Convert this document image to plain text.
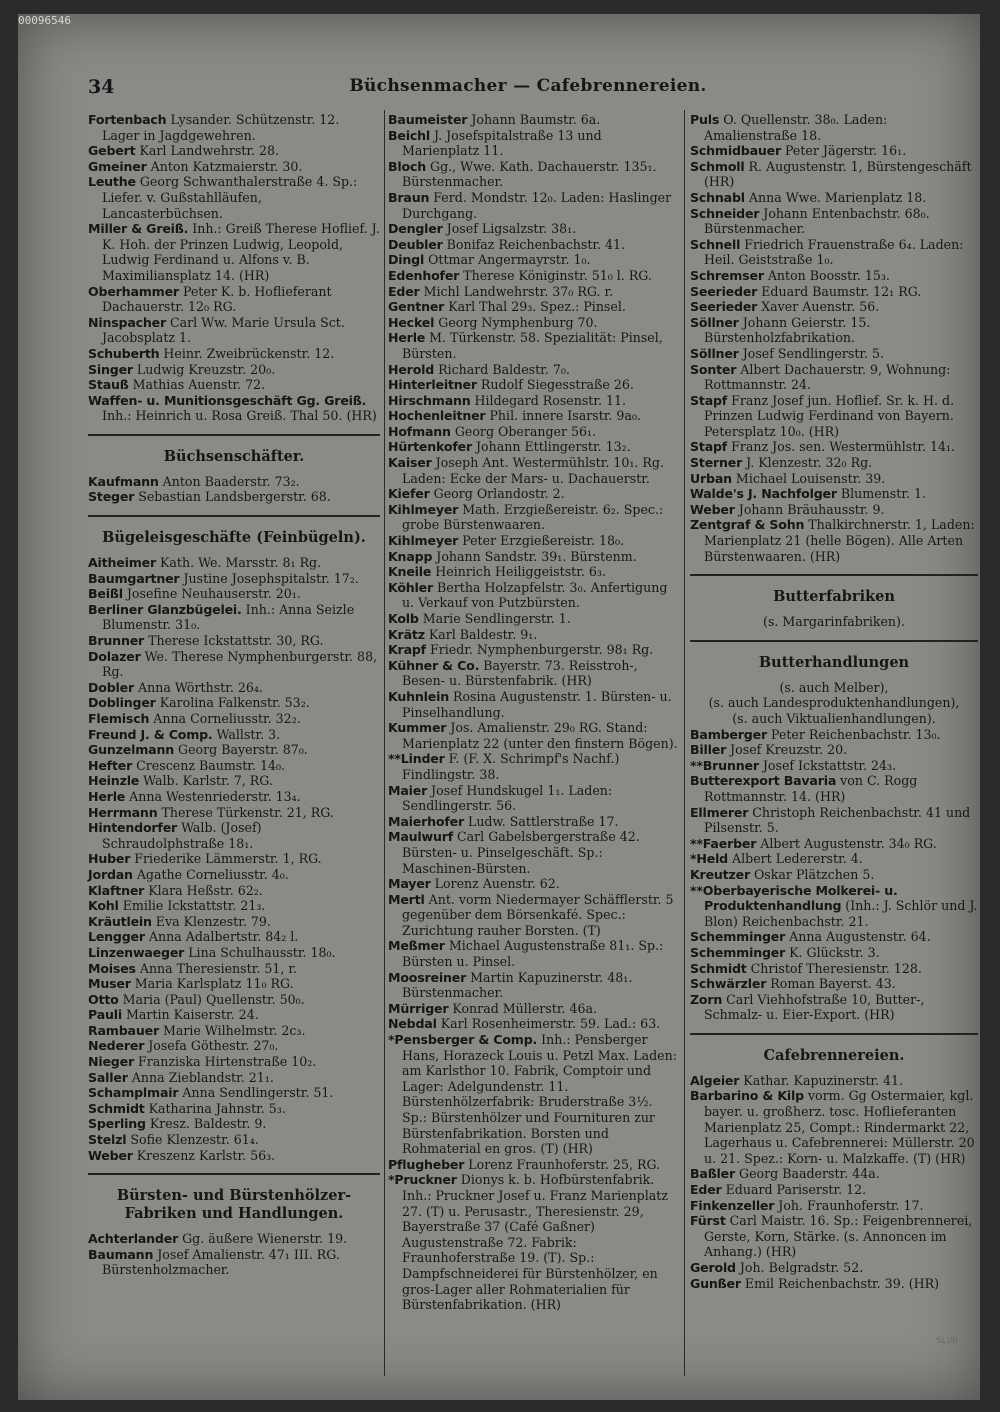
00096546
34	Büchsenmacher — Cafebrennereien.

Fortenbach Lysander. Schützenstr. 12. Lager in Jagdgewehren.

Gebert Karl Landwehrstr. 28.

Gmeiner Anton Katzmaierstr. 30.

Leuthe Georg Schwanthalerstraße 4. Sp.: Liefer. v. Gußstahlläufen, Lancasterbüchsen.

Miller & Greiß. Inh.: Greiß Therese Hoflief. J. K. Hoh. der Prinzen Ludwig, Leopold, Ludwig Ferdinand u. Alfons v. B. Maximiliansplatz 14. (HR)

Oberhammer Peter K. b. Hoflieferant Dachauerstr. 12₀ RG.

Ninspacher Carl Ww. Marie Ursula Sct. Jacobsplatz 1.

Schuberth Heinr. Zweibrückenstr. 12.

Singer Ludwig Kreuzstr. 20₀.

Stauß Mathias Auenstr. 72.

Waffen- u. Munitionsgeschäft Gg. Greiß. Inh.: Heinrich u. Rosa Greiß. Thal 50. (HR)

Büchsenschäfter.

Kaufmann Anton Baaderstr. 73₂.

Steger Sebastian Landsbergerstr. 68.

Bügeleisgeschäfte (Feinbügeln).

Aitheimer Kath. We. Marsstr. 8₁ Rg.

Baumgartner Justine Josephspitalstr. 17₂.

Beißl Josefine Neuhauserstr. 20₁.

Berliner Glanzbügelei. Inh.: Anna Seizle Blumenstr. 31₀.

Brunner Therese Ickstattstr. 30, RG.

Dolazer We. Therese Nymphenburgerstr. 88, Rg.

Dobler Anna Wörthstr. 26₄.

Doblinger Karolina Falkenstr. 53₂.

Flemisch Anna Corneliusstr. 32₂.

Freund J. & Comp. Wallstr. 3.

Gunzelmann Georg Bayerstr. 87₀.

Hefter Crescenz Baumstr. 14₀.

Heinzle Walb. Karlstr. 7, RG.

Herle Anna Westenriederstr. 13₄.

Herrmann Therese Türkenstr. 21, RG.

Hintendorfer Walb. (Josef) Schraudolphstraße 18₁.

Huber Friederike Lämmerstr. 1, RG.

Jordan Agathe Corneliusstr. 4₀.

Klaftner Klara Heßstr. 62₂.

Kohl Emilie Ickstattstr. 21₃.

Kräutlein Eva Klenzestr. 79.

Lengger Anna Adalbertstr. 84₂ l.

Linzenwaeger Lina Schulhausstr. 18₀.

Moises Anna Theresienstr. 51, r.

Muser Maria Karlsplatz 11₀ RG.

Otto Maria (Paul) Quellenstr. 50₀.

Pauli Martin Kaiserstr. 24.

Rambauer Marie Wilhelmstr. 2c₃.

Nederer Josefa Göthestr. 27₀.

Nieger Franziska Hirtenstraße 10₂.

Saller Anna Zieblandstr. 21₁.

Schamplmair Anna Sendlingerstr. 51.

Schmidt Katharina Jahnstr. 5₃.

Sperling Kresz. Baldestr. 9.

Stelzl Sofie Klenzestr. 61₄.

Weber Kreszenz Karlstr. 56₃.

Bürsten- und Bürstenhölzer-Fabriken und Handlungen.

Achterlander Gg. äußere Wienerstr. 19.

Baumann Josef Amalienstr. 47₁ III. RG. Bürstenholzmacher.

Baumeister Johann Baumstr. 6a.

Beichl J. Josefspitalstraße 13 und Marienplatz 11.

Bloch Gg., Wwe. Kath. Dachauerstr. 135₁. Bürstenmacher.

Braun Ferd. Mondstr. 12₀. Laden: Haslinger Durchgang.

Dengler Josef Ligsalzstr. 38₁.

Deubler Bonifaz Reichenbachstr. 41.

Dingl Ottmar Angermayrstr. 1₀.

Edenhofer Therese Königinstr. 51₀ l. RG.

Eder Michl Landwehrstr. 37₀ RG. r.

Gentner Karl Thal 29₃. Spez.: Pinsel.

Heckel Georg Nymphenburg 70.

Herle M. Türkenstr. 58. Spezialität: Pinsel, Bürsten.

Herold Richard Baldestr. 7₀.

Hinterleitner Rudolf Siegesstraße 26.

Hirschmann Hildegard Rosenstr. 11.

Hochenleitner Phil. innere Isarstr. 9a₀.

Hofmann Georg Oberanger 56₁.

Hürtenkofer Johann Ettlingerstr. 13₂.

Kaiser Joseph Ant. Westermühlstr. 10₁. Rg. Laden: Ecke der Mars- u. Dachauerstr.

Kiefer Georg Orlandostr. 2.

Kihlmeyer Math. Erzgießereistr. 6₂. Spec.: grobe Bürstenwaaren.

Kihlmeyer Peter Erzgießereistr. 18₀.

Knapp Johann Sandstr. 39₁. Bürstenm.

Kneile Heinrich Heiliggeiststr. 6₃.

Köhler Bertha Holzapfelstr. 3₀. Anfertigung u. Verkauf von Putzbürsten.

Kolb Marie Sendlingerstr. 1.

Krätz Karl Baldestr. 9₁.

Krapf Friedr. Nymphenburgerstr. 98₁ Rg.

Kühner & Co. Bayerstr. 73. Reisstroh-, Besen- u. Bürstenfabrik. (HR)

Kuhnlein Rosina Augustenstr. 1. Bürsten- u. Pinselhandlung.

Kummer Jos. Amalienstr. 29₀ RG. Stand: Marienplatz 22 (unter den finstern Bögen).

**Linder F. (F. X. Schrimpf's Nachf.) Findlingstr. 38.

Maier Josef Hundskugel 1₁. Laden: Sendlingerstr. 56.

Maierhofer Ludw. Sattlerstraße 17.

Maulwurf Carl Gabelsbergerstraße 42. Bürsten- u. Pinselgeschäft. Sp.: Maschinen-Bürsten.

Mayer Lorenz Auenstr. 62.

Mertl Ant. vorm Niedermayer Schäfflerstr. 5 gegenüber dem Börsenkafé. Spec.: Zurichtung rauher Borsten. (T)

Meßmer Michael Augustenstraße 81₁. Sp.: Bürsten u. Pinsel.

Moosreiner Martin Kapuzinerstr. 48₁. Bürstenmacher.

Mürriger Konrad Müllerstr. 46a.

Nebdal Karl Rosenheimerstr. 59. Lad.: 63.

*Pensberger & Comp. Inh.: Pensberger Hans, Horazeck Louis u. Petzl Max. Laden: am Karlsthor 10. Fabrik, Comptoir und Lager: Adelgundenstr. 11. Bürstenhölzerfabrik: Bruderstraße 3½. Sp.: Bürstenhölzer und Fournituren zur Bürstenfabrikation. Borsten und Rohmaterial en gros. (T) (HR)

Pflugheber Lorenz Fraunhoferstr. 25, RG.

*Pruckner Dionys k. b. Hofbürstenfabrik. Inh.: Pruckner Josef u. Franz Marienplatz 27. (T) u. Perusastr., Theresienstr. 29, Bayerstraße 37 (Café Gaßner) Augustenstraße 72. Fabrik: Fraunhoferstraße 19. (T). Sp.: Dampfschneiderei für Bürstenhölzer, en gros-Lager aller Rohmaterialien für Bürstenfabrikation. (HR)

Puls O. Quellenstr. 38₀. Laden: Amalienstraße 18.

Schmidbauer Peter Jägerstr. 16₁.

Schmoll R. Augustenstr. 1, Bürstengeschäft (HR)

Schnabl Anna Wwe. Marienplatz 18.

Schneider Johann Entenbachstr. 68₀. Bürstenmacher.

Schnell Friedrich Frauenstraße 6₄. Laden: Heil. Geiststraße 1₀.

Schremser Anton Boosstr. 15₃.

Seerieder Eduard Baumstr. 12₁ RG.

Seerieder Xaver Auenstr. 56.

Söllner Johann Geierstr. 15. Bürstenholzfabrikation.

Söllner Josef Sendlingerstr. 5.

Sonter Albert Dachauerstr. 9, Wohnung: Rottmannstr. 24.

Stapf Franz Josef jun. Hoflief. Sr. k. H. d. Prinzen Ludwig Ferdinand von Bayern. Petersplatz 10₀. (HR)

Stapf Franz Jos. sen. Westermühlstr. 14₁.

Sterner J. Klenzestr. 32₀ Rg.

Urban Michael Louisenstr. 39.

Walde's J. Nachfolger Blumenstr. 1.

Weber Johann Bräuhausstr. 9.

Zentgraf & Sohn Thalkirchnerstr. 1, Laden: Marienplatz 21 (helle Bögen). Alle Arten Bürstenwaaren. (HR)

Butterfabriken
(s. Margarinfabriken).
Butterhandlungen
(s. auch Melber),
(s. auch Landesproduktenhandlungen),
(s. auch Viktualienhandlungen).

Bamberger Peter Reichenbachstr. 13₀.

Biller Josef Kreuzstr. 20.

**Brunner Josef Ickstattstr. 24₃.

Butterexport Bavaria von C. Rogg Rottmannstr. 14. (HR)

Ellmerer Christoph Reichenbachstr. 41 und Pilsenstr. 5.

**Faerber Albert Augustenstr. 34₀ RG.

*Held Albert Ledererstr. 4.

Kreutzer Oskar Plätzchen 5.

**Oberbayerische Molkerei- u. Produktenhandlung (Inh.: J. Schlör und J. Blon) Reichenbachstr. 21.

Schemminger Anna Augustenstr. 64.

Schemminger K. Glückstr. 3.

Schmidt Christof Theresienstr. 128.

Schwärzler Roman Bayerst. 43.

Zorn Carl Viehhofstraße 10, Butter-, Schmalz- u. Eier-Export. (HR)

Cafebrennereien.

Algeier Kathar. Kapuzinerstr. 41.

Barbarino & Kilp vorm. Gg Ostermaier, kgl. bayer. u. großherz. tosc. Hoflieferanten Marienplatz 25, Compt.: Rindermarkt 22, Lagerhaus u. Cafebrennerei: Müllerstr. 20 u. 21. Spez.: Korn- u. Malzkaffe. (T) (HR)

Baßler Georg Baaderstr. 44a.

Eder Eduard Pariserstr. 12.

Finkenzeller Joh. Fraunhoferstr. 17.

Fürst Carl Maistr. 16. Sp.: Feigenbrennerei, Gerste, Korn, Stärke. (s. Annoncen im Anhang.) (HR)

Gerold Joh. Belgradstr. 52.

Gunßer Emil Reichenbachstr. 39. (HR)

SLUB
